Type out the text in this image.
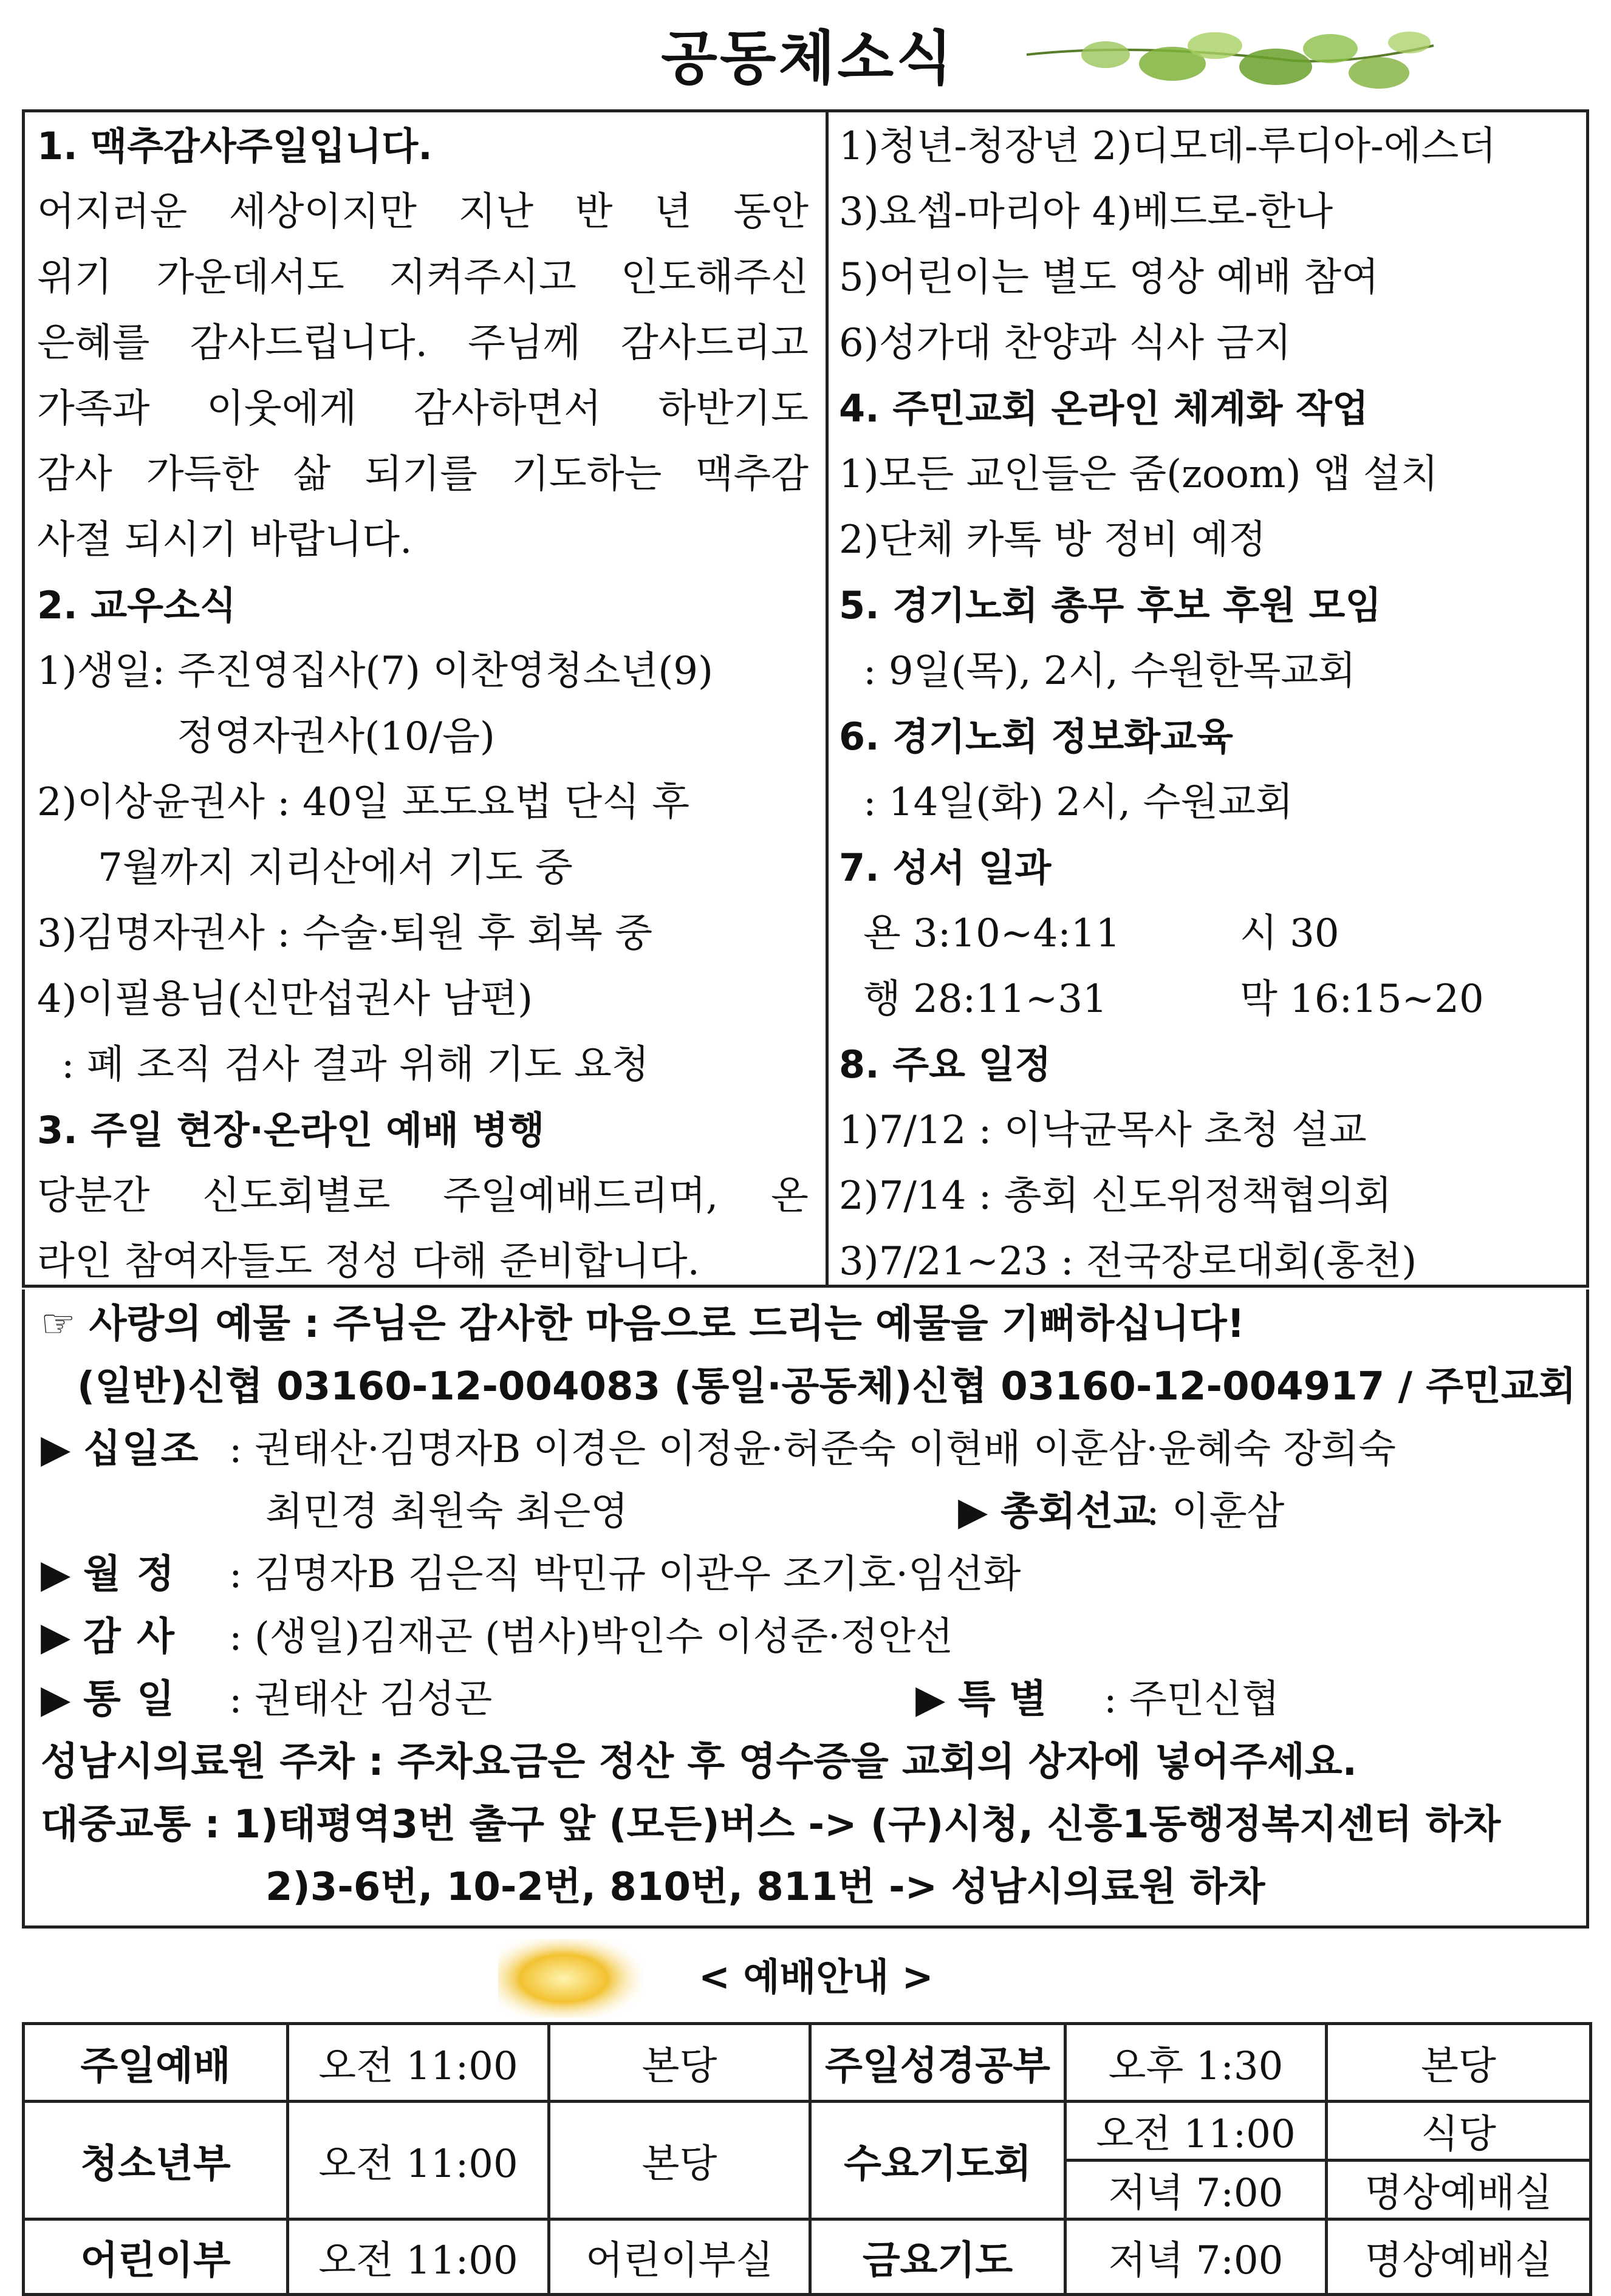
공동체소식
1. 맥추감사주일입니다.
어지러운 세상이지만 지난 반 년 동안
위기 가운데서도 지켜주시고 인도해주신
은혜를 감사드립니다. 주님께 감사드리고
가족과 이웃에게 감사하면서 하반기도
감사 가득한 삶 되기를 기도하는 맥추감
사절 되시기 바랍니다.
2. 교우소식
1)생일: 주진영집사(7) 이찬영청소년(9)
정영자권사(10/음)
2)이상윤권사 : 40일 포도요법 단식 후
7월까지 지리산에서 기도 중
3)김명자권사 : 수술·퇴원 후 회복 중
4)이필용님(신만섭권사 남편)
: 폐 조직 검사 결과 위해 기도 요청
3. 주일 현장·온라인 예배 병행
당분간 신도회별로 주일예배드리며, 온
라인 참여자들도 정성 다해 준비합니다.
1)청년-청장년 2)디모데-루디아-에스더
3)요셉-마리아 4)베드로-한나
5)어린이는 별도 영상 예배 참여
6)성가대 찬양과 식사 금지
4. 주민교회 온라인 체계화 작업
1)모든 교인들은 줌(zoom) 앱 설치
2)단체 카톡 방 정비 예정
5. 경기노회 총무 후보 후원 모임
: 9일(목), 2시, 수원한목교회
6. 경기노회 정보화교육
: 14일(화) 2시, 수원교회
7. 성서 일과
욘 3:10~4:11	시 30
행 28:11~31	막 16:15~20
8. 주요 일정
1)7/12 : 이낙균목사 초청 설교
2)7/14 : 총회 신도위정책협의회
3)7/21~23 : 전국장로대회(홍천)
☞ 사랑의 예물 : 주님은 감사한 마음으로 드리는 예물을 기뻐하십니다!
(일반)신협 03160-12-004083 (통일·공동체)신협 03160-12-004917 / 주민교회
▶ 십일조 : 권태산·김명자B 이경은 이정윤·허준숙 이현배 이훈삼·윤혜숙 장희숙
최민경 최원숙 최은영	▶ 총회선교: 이훈삼
▶ 월 정 : 김명자B 김은직 박민규 이관우 조기호·임선화
▶ 감 사 : (생일)김재곤 (범사)박인수 이성준·정안선
▶ 통 일 : 권태산 김성곤	▶ 특 별 : 주민신협
성남시의료원 주차 : 주차요금은 정산 후 영수증을 교회의 상자에 넣어주세요.
대중교통 : 1)태평역3번 출구 앞 (모든)버스 -> (구)시청, 신흥1동행정복지센터 하차
2)3-6번, 10-2번, 810번, 811번 -> 성남시의료원 하차
< 예배안내 >
주일예배	오전 11:00	본당	주일성경공부	오후 1:30	본당
청소년부	오전 11:00	본당	수요기도회	오전 11:00	식당
				저녁 7:00	명상예배실
어린이부	오전 11:00	어린이부실	금요기도	저녁 7:00	명상예배실
